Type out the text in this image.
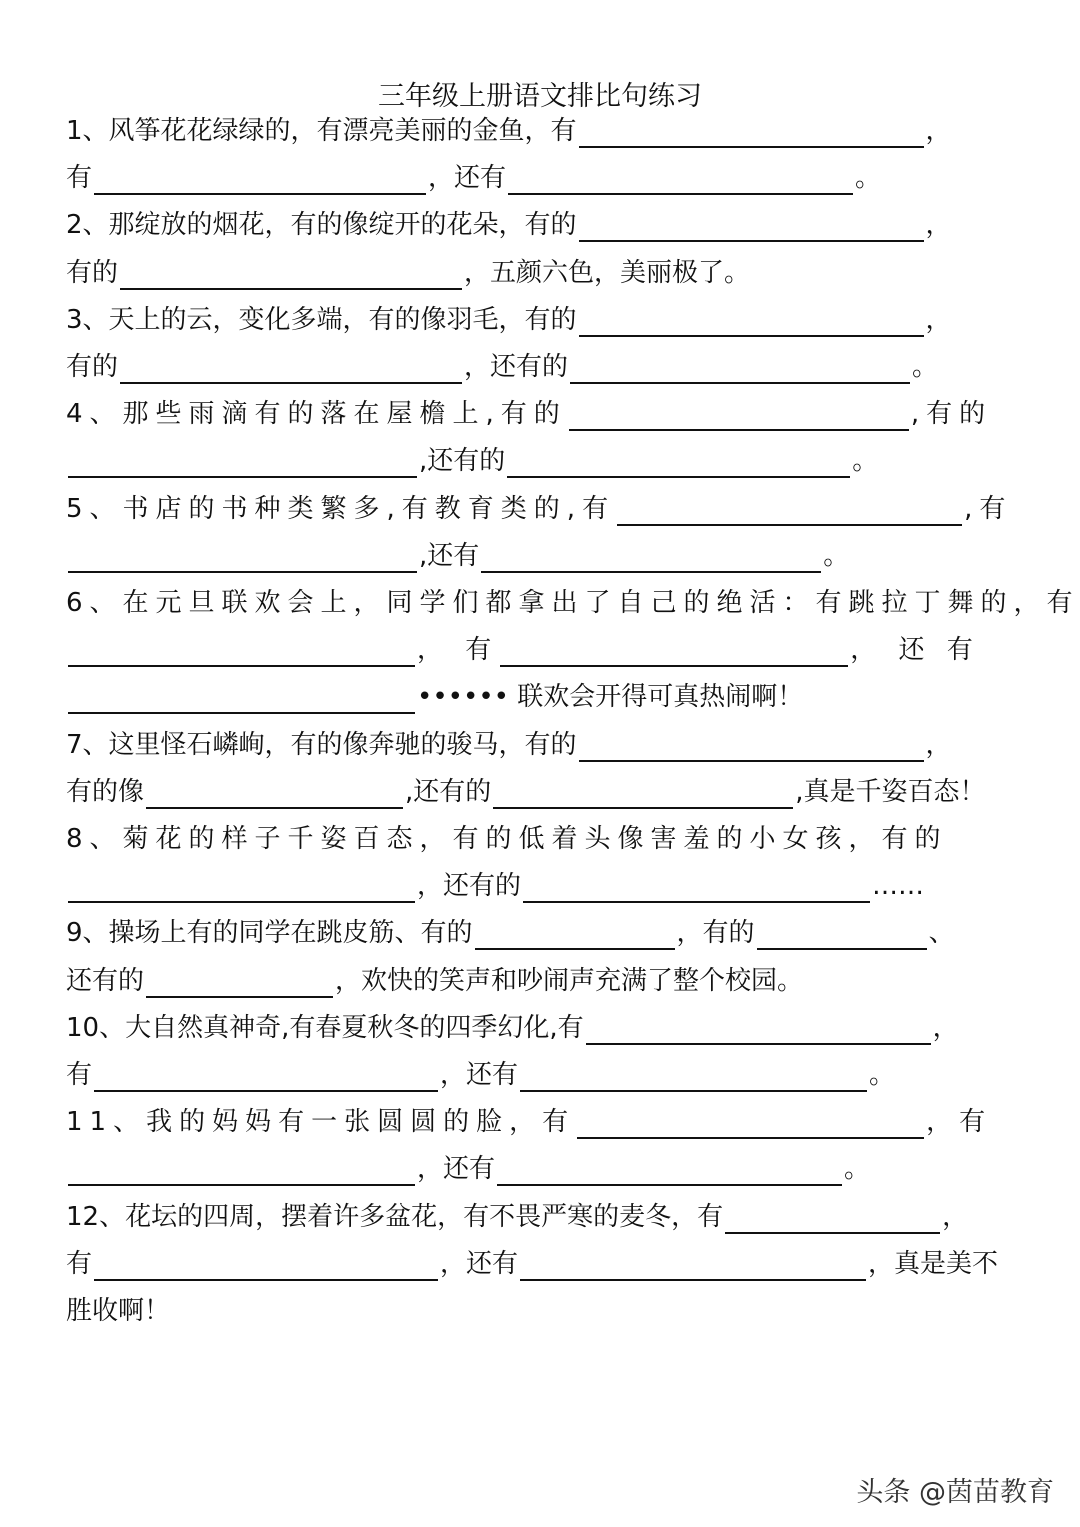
三年级上册语文排比句练习
1、风筝花花绿绿的，有漂亮美丽的金鱼，有	，
有	，还有	。
2、那绽放的烟花，有的像绽开的花朵，有的	，
有的	，五颜六色，美丽极了。
3、天上的云，变化多端，有的像羽毛，有的	，
有的	，还有的	。
4、那些雨滴有的落在屋檐上,有的	,有的
,还有的	。
5、书店的书种类繁多,有教育类的,有	,有
,还有	。
6、在元旦联欢会上，同学们都拿出了自己的绝活：有跳拉丁舞的，有
， 有	， 还 有
•••••• 联欢会开得可真热闹啊！
7、这里怪石嶙峋，有的像奔驰的骏马，有的	，
有的像	,还有的	,真是千姿百态！
8、菊花的样子千姿百态，有的低着头像害羞的小女孩，有的
，还有的	……
9、操场上有的同学在跳皮筋、有的	，有的	、
还有的	，欢快的笑声和吵闹声充满了整个校园。
10、大自然真神奇,有春夏秋冬的四季幻化,有	，
有	，还有	。
11、我的妈妈有一张圆圆的脸，有	，有
，还有	。
12、花坛的四周，摆着许多盆花，有不畏严寒的麦冬，有	，
有	，还有	，真是美不
胜收啊！
头条 @茵苗教育
